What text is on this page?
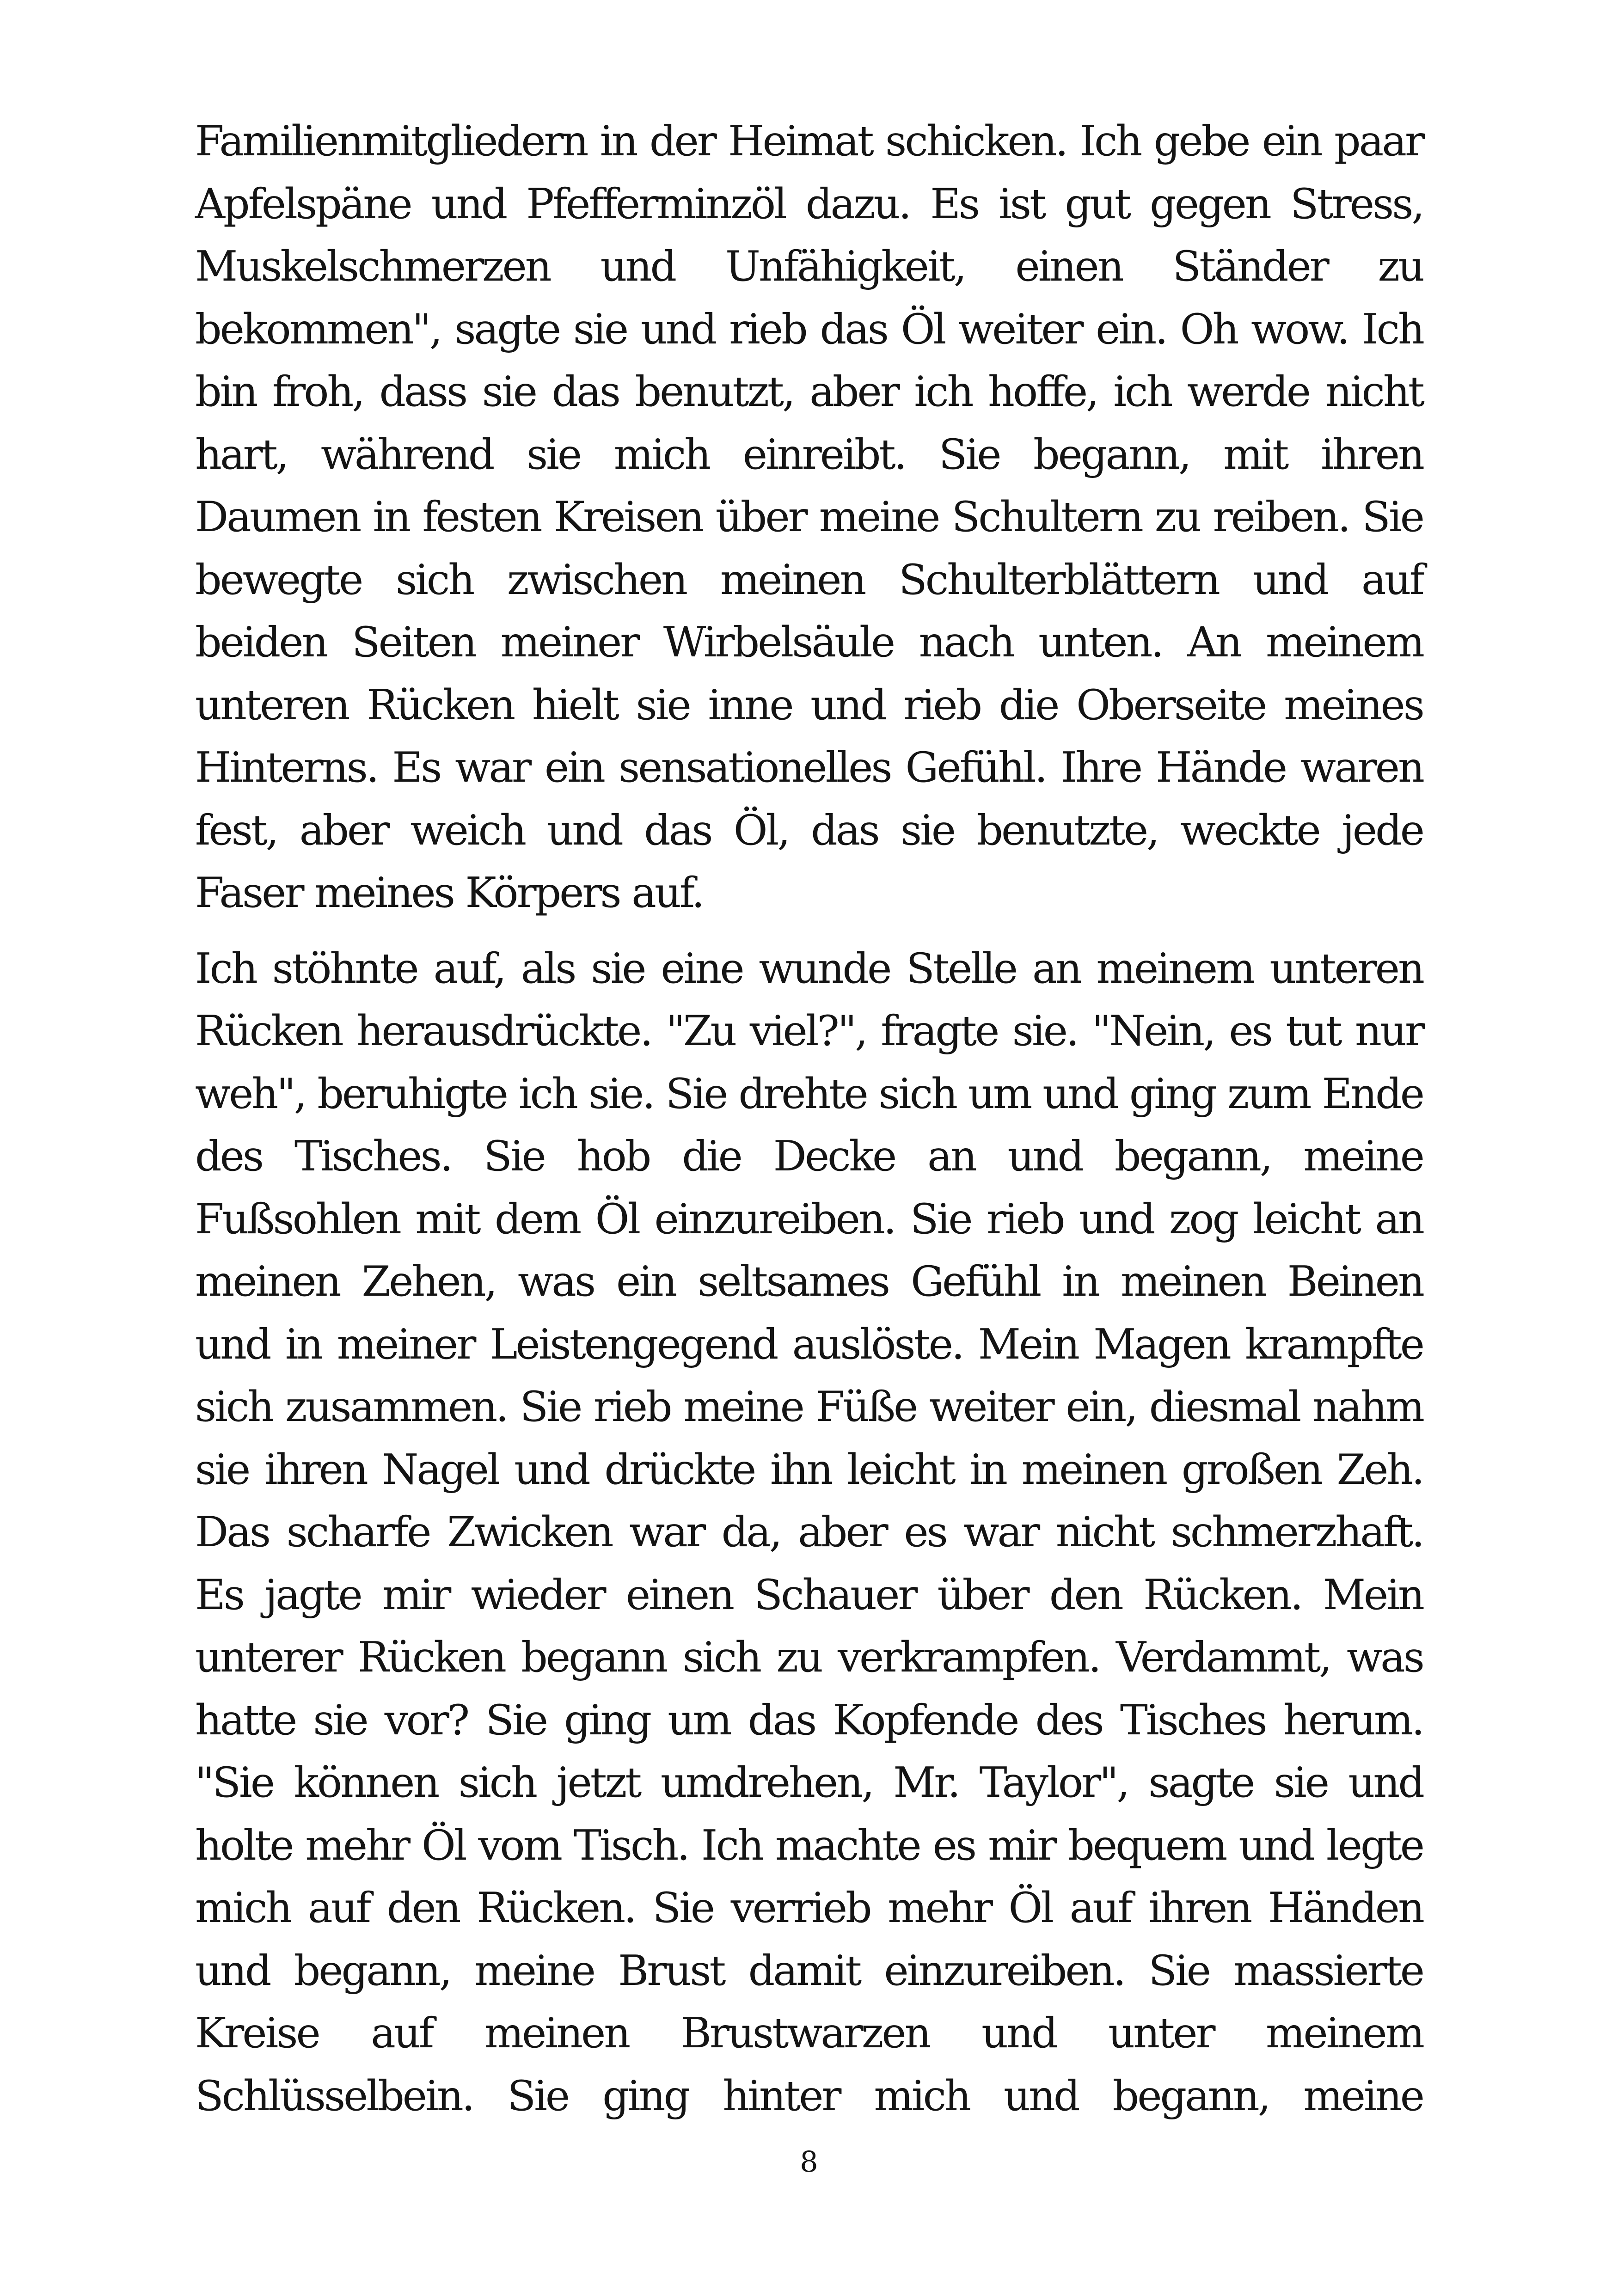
Familienmitgliedern in der Heimat schicken. Ich gebe ein paar
Apfelspäne und Pfefferminzöl dazu. Es ist gut gegen Stress,
Muskelschmerzen und Unfähigkeit, einen Ständer zu
bekommen", sagte sie und rieb das Öl weiter ein. Oh wow. Ich
bin froh, dass sie das benutzt, aber ich hoffe, ich werde nicht
hart, während sie mich einreibt. Sie begann, mit ihren
Daumen in festen Kreisen über meine Schultern zu reiben. Sie
bewegte sich zwischen meinen Schulterblättern und auf
beiden Seiten meiner Wirbelsäule nach unten. An meinem
unteren Rücken hielt sie inne und rieb die Oberseite meines
Hinterns. Es war ein sensationelles Gefühl. Ihre Hände waren
fest, aber weich und das Öl, das sie benutzte, weckte jede
Faser meines Körpers auf.

Ich stöhnte auf, als sie eine wunde Stelle an meinem unteren
Rücken herausdrückte. "Zu viel?", fragte sie. "Nein, es tut nur
weh", beruhigte ich sie. Sie drehte sich um und ging zum Ende
des Tisches. Sie hob die Decke an und begann, meine
Fußsohlen mit dem Öl einzureiben. Sie rieb und zog leicht an
meinen Zehen, was ein seltsames Gefühl in meinen Beinen
und in meiner Leistengegend auslöste. Mein Magen krampfte
sich zusammen. Sie rieb meine Füße weiter ein, diesmal nahm
sie ihren Nagel und drückte ihn leicht in meinen großen Zeh.
Das scharfe Zwicken war da, aber es war nicht schmerzhaft.
Es jagte mir wieder einen Schauer über den Rücken. Mein
unterer Rücken begann sich zu verkrampfen. Verdammt, was
hatte sie vor? Sie ging um das Kopfende des Tisches herum.
"Sie können sich jetzt umdrehen, Mr. Taylor", sagte sie und
holte mehr Öl vom Tisch. Ich machte es mir bequem und legte
mich auf den Rücken. Sie verrieb mehr Öl auf ihren Händen
und begann, meine Brust damit einzureiben. Sie massierte
Kreise auf meinen Brustwarzen und unter meinem
Schlüsselbein. Sie ging hinter mich und begann, meine

8
